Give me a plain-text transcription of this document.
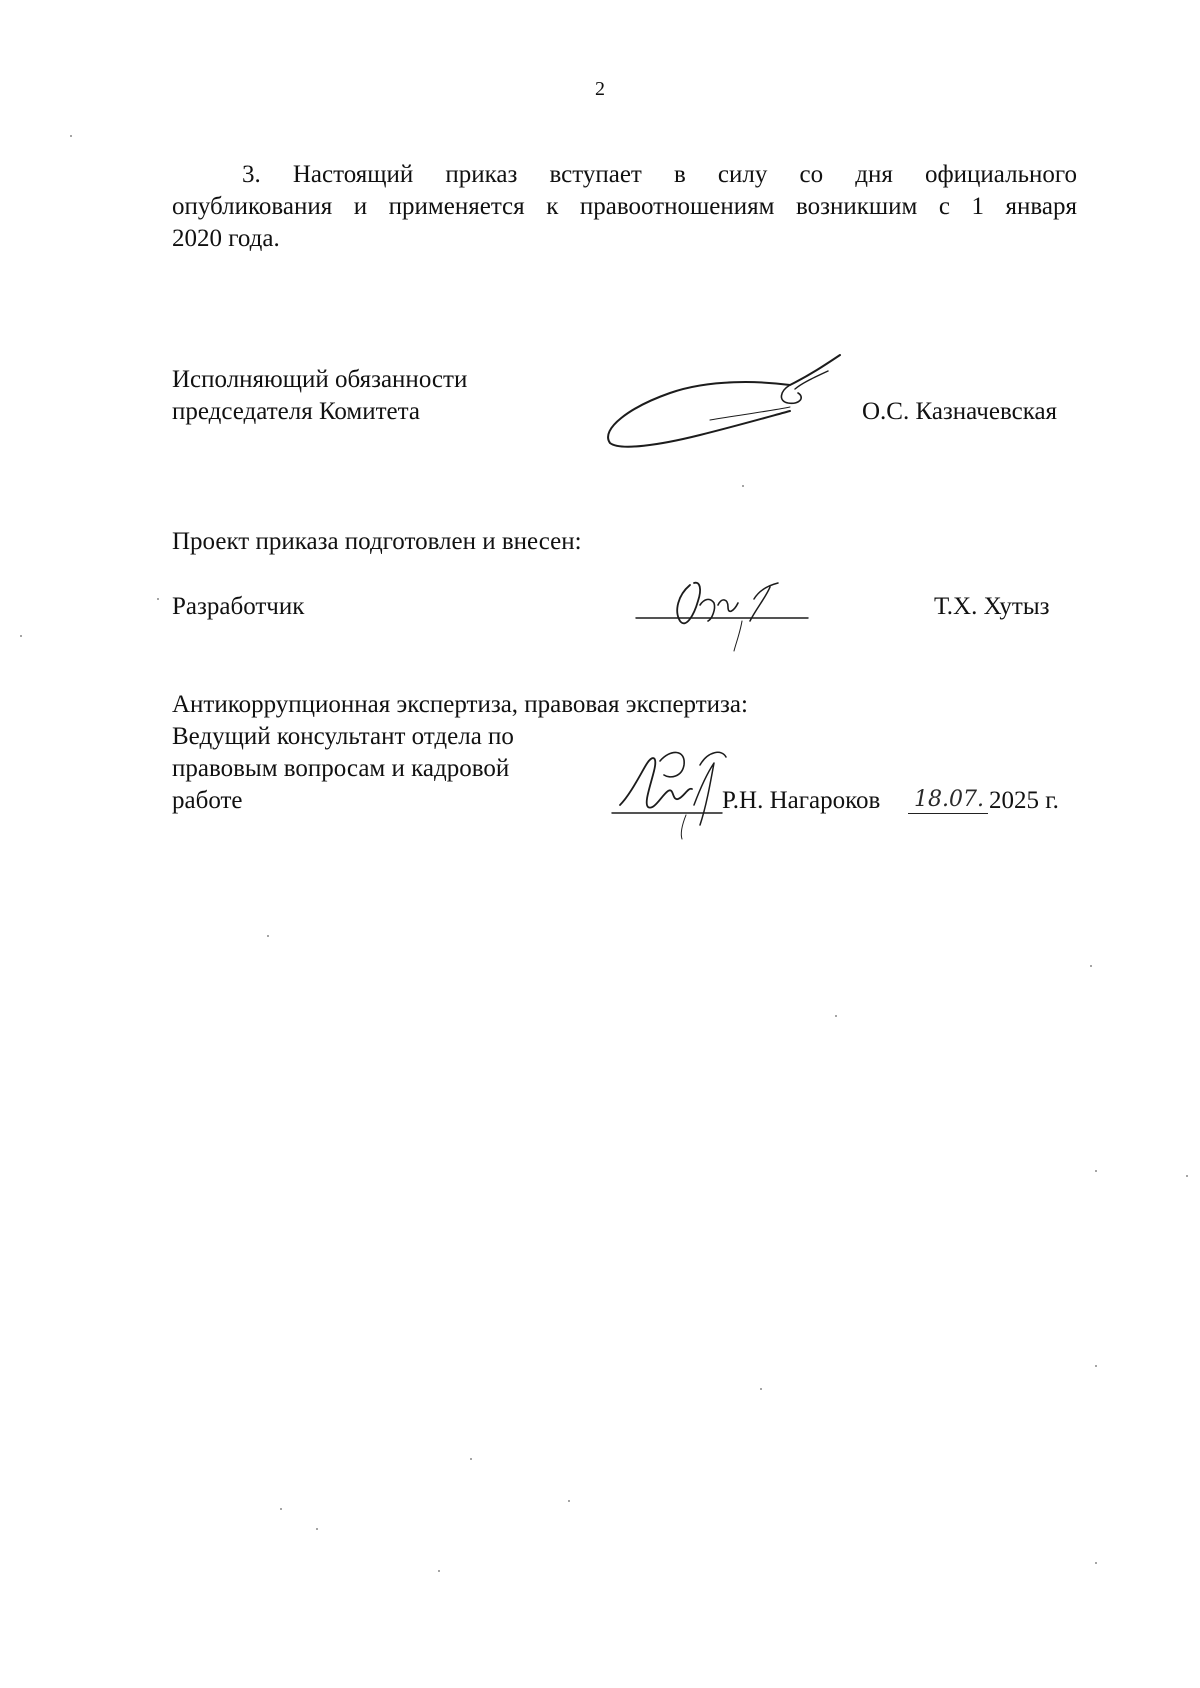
2
3. Настоящий приказ вступает в силу со дня официального
опубликования и применяется к правоотношениям возникшим с 1 января
2020 года.
Исполняющий обязанности
председателя Комитета	О.С. Казначевская
Проект приказа подготовлен и внесен:
Разработчик	Т.Х. Хутыз
Антикоррупционная экспертиза, правовая экспертиза:
Ведущий консультант отдела по
правовым вопросам и кадровой
работе	Р.Н. Нагароков 18.07. 2025 г.
